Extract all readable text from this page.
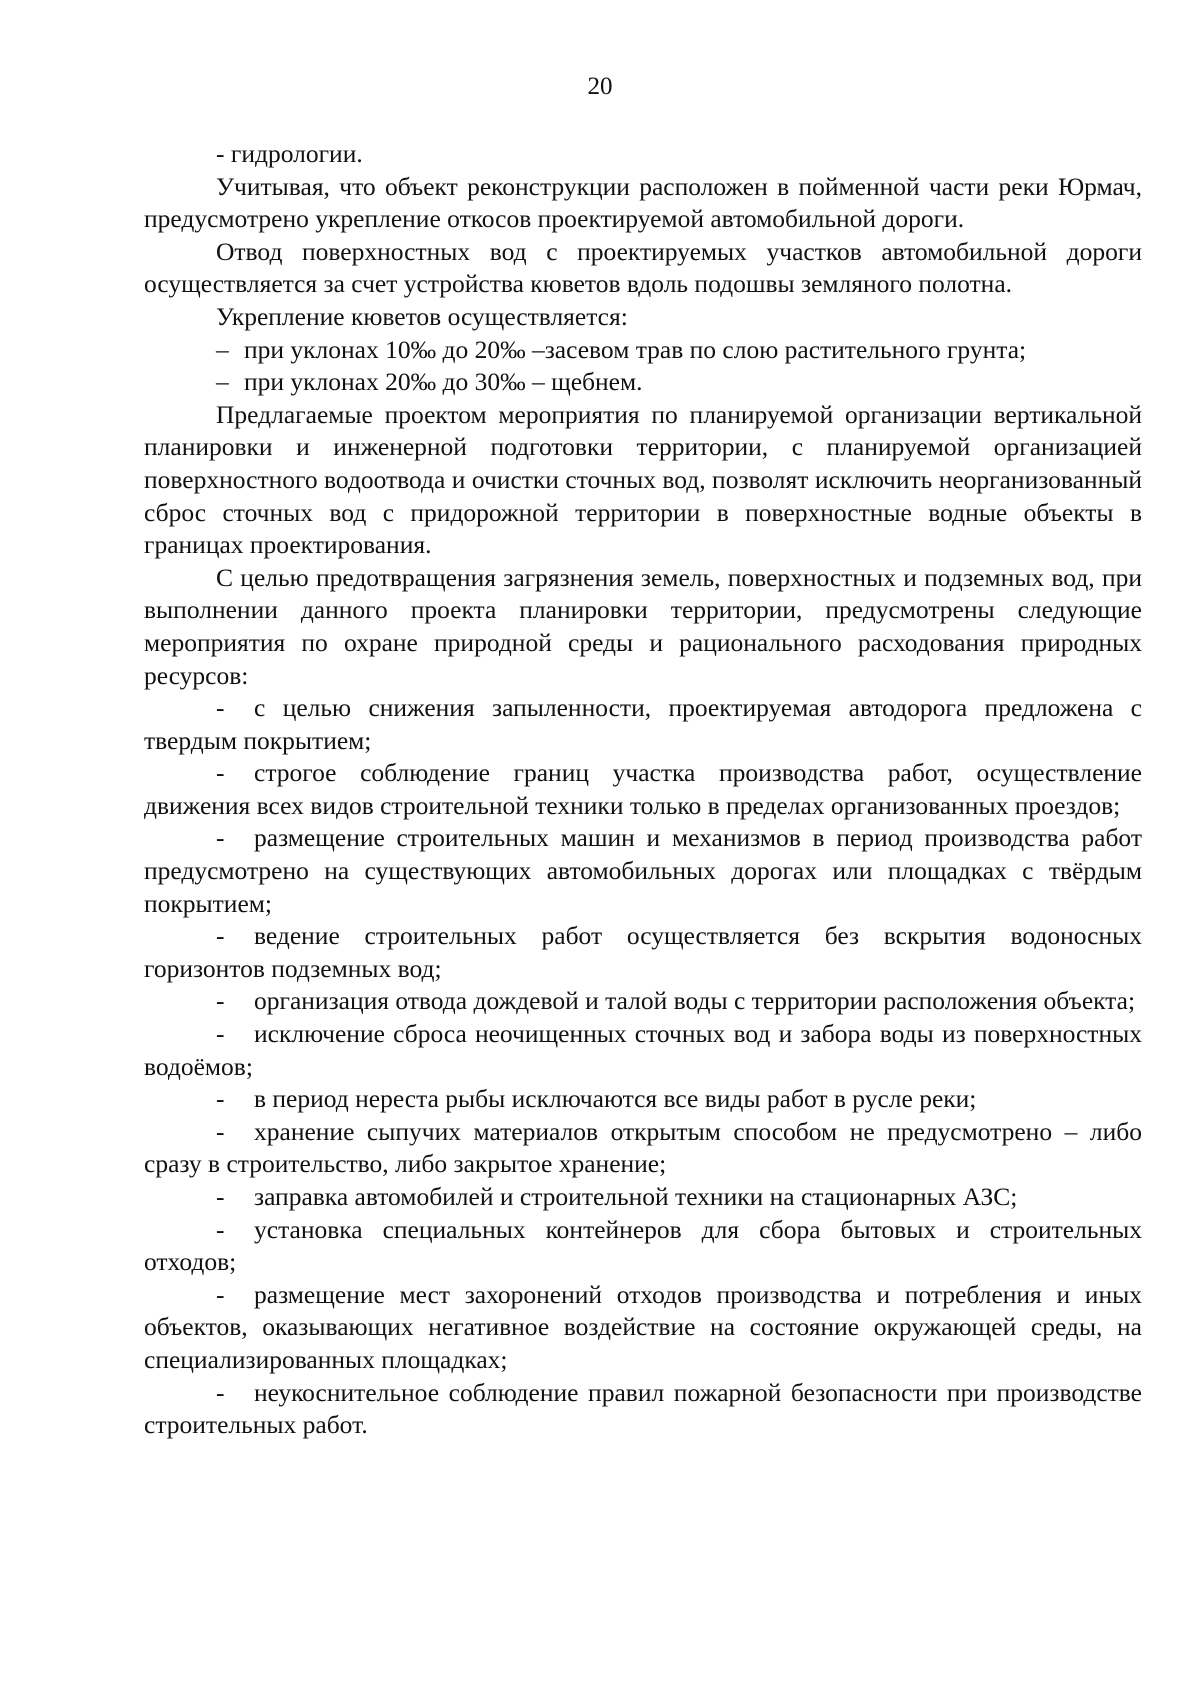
20

- гидрологии.

Учитывая, что объект реконструкции расположен в пойменной части реки Юрмач, предусмотрено укрепление откосов проектируемой автомобильной дороги.

Отвод поверхностных вод с проектируемых участков автомобильной дороги осуществляется за счет устройства кюветов вдоль подошвы земляного полотна.

Укрепление кюветов осуществляется:

– при уклонах 10‰ до 20‰ –засевом трав по слою растительного грунта;

– при уклонах 20‰ до 30‰ – щебнем.

Предлагаемые проектом мероприятия по планируемой организации вертикальной планировки и инженерной подготовки территории, с планируемой организацией поверхностного водоотвода и очистки сточных вод, позволят исключить неорганизованный сброс сточных вод с придорожной территории в поверхностные водные объекты в границах проектирования.

С целью предотвращения загрязнения земель, поверхностных и подземных вод, при выполнении данного проекта планировки территории, предусмотрены следующие мероприятия по охране природной среды и рационального расходования природных ресурсов:

- с целью снижения запыленности, проектируемая автодорога предложена с твердым покрытием;

- строгое соблюдение границ участка производства работ, осуществление движения всех видов строительной техники только в пределах организованных проездов;

- размещение строительных машин и механизмов в период производства работ предусмотрено на существующих автомобильных дорогах или площадках с твёрдым покрытием;

- ведение строительных работ осуществляется без вскрытия водоносных горизонтов подземных вод;

- организация отвода дождевой и талой воды с территории расположения объекта;

- исключение сброса неочищенных сточных вод и забора воды из поверхностных водоёмов;

- в период нереста рыбы исключаются все виды работ в русле реки;

- хранение сыпучих материалов открытым способом не предусмотрено – либо сразу в строительство, либо закрытое хранение;

- заправка автомобилей и строительной техники на стационарных АЗС;

- установка специальных контейнеров для сбора бытовых и строительных отходов;

- размещение мест захоронений отходов производства и потребления и иных объектов, оказывающих негативное воздействие на состояние окружающей среды, на специализированных площадках;

- неукоснительное соблюдение правил пожарной безопасности при производстве строительных работ.
